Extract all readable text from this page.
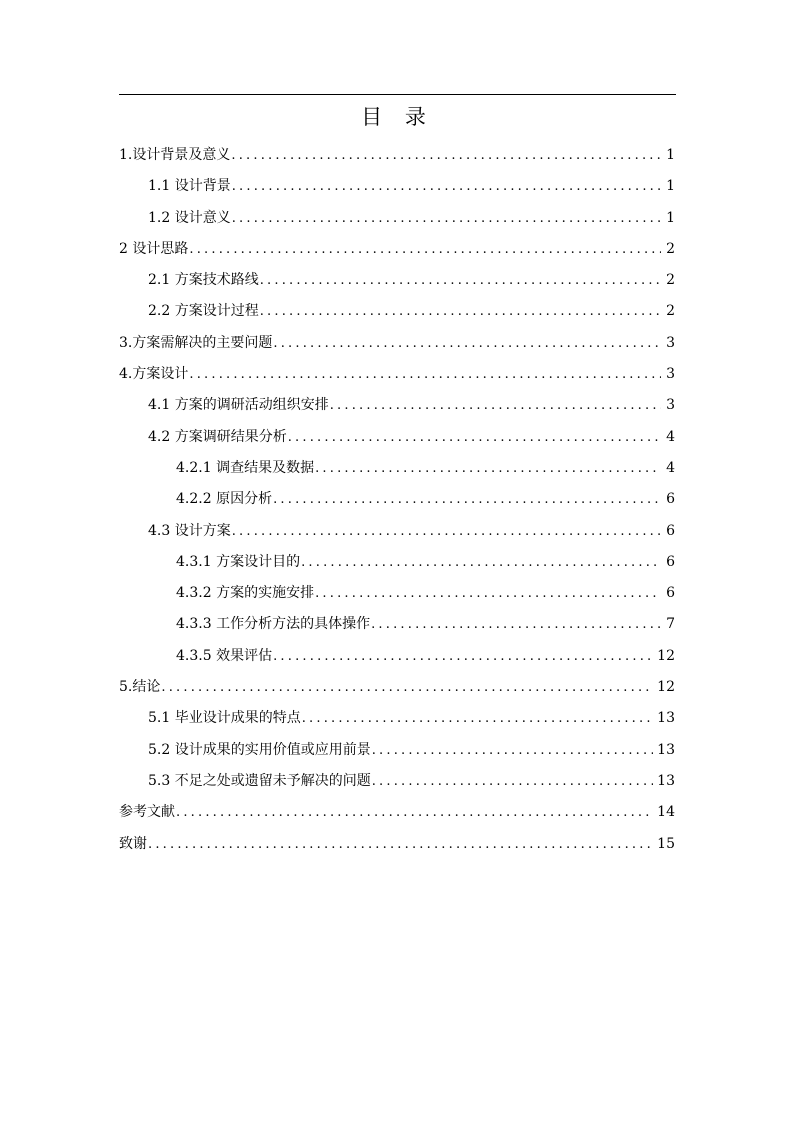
目 录
1.设计背景及意义 .....	1
1.1 设计背景 .....	1
1.2 设计意义 .....	1
2 设计思路 .....	2
2.1 方案技术路线 .....	2
2.2 方案设计过程 .....	2
3.方案需解决的主要问题 .....	3
4.方案设计 .....	3
4.1 方案的调研活动组织安排 .....	3
4.2 方案调研结果分析 .....	4
4.2.1 调查结果及数据 .....	4
4.2.2 原因分析 .....	6
4.3 设计方案 .....	6
4.3.1 方案设计目的 .....	6
4.3.2 方案的实施安排 .....	6
4.3.3 工作分析方法的具体操作 .....	7
4.3.5 效果评估 .....	12
5.结论 .....	12
5.1 毕业设计成果的特点 .....	13
5.2 设计成果的实用价值或应用前景 .....	13
5.3 不足之处或遗留未予解决的问题 .....	13
参考文献 .....	14
致谢 .....	15
